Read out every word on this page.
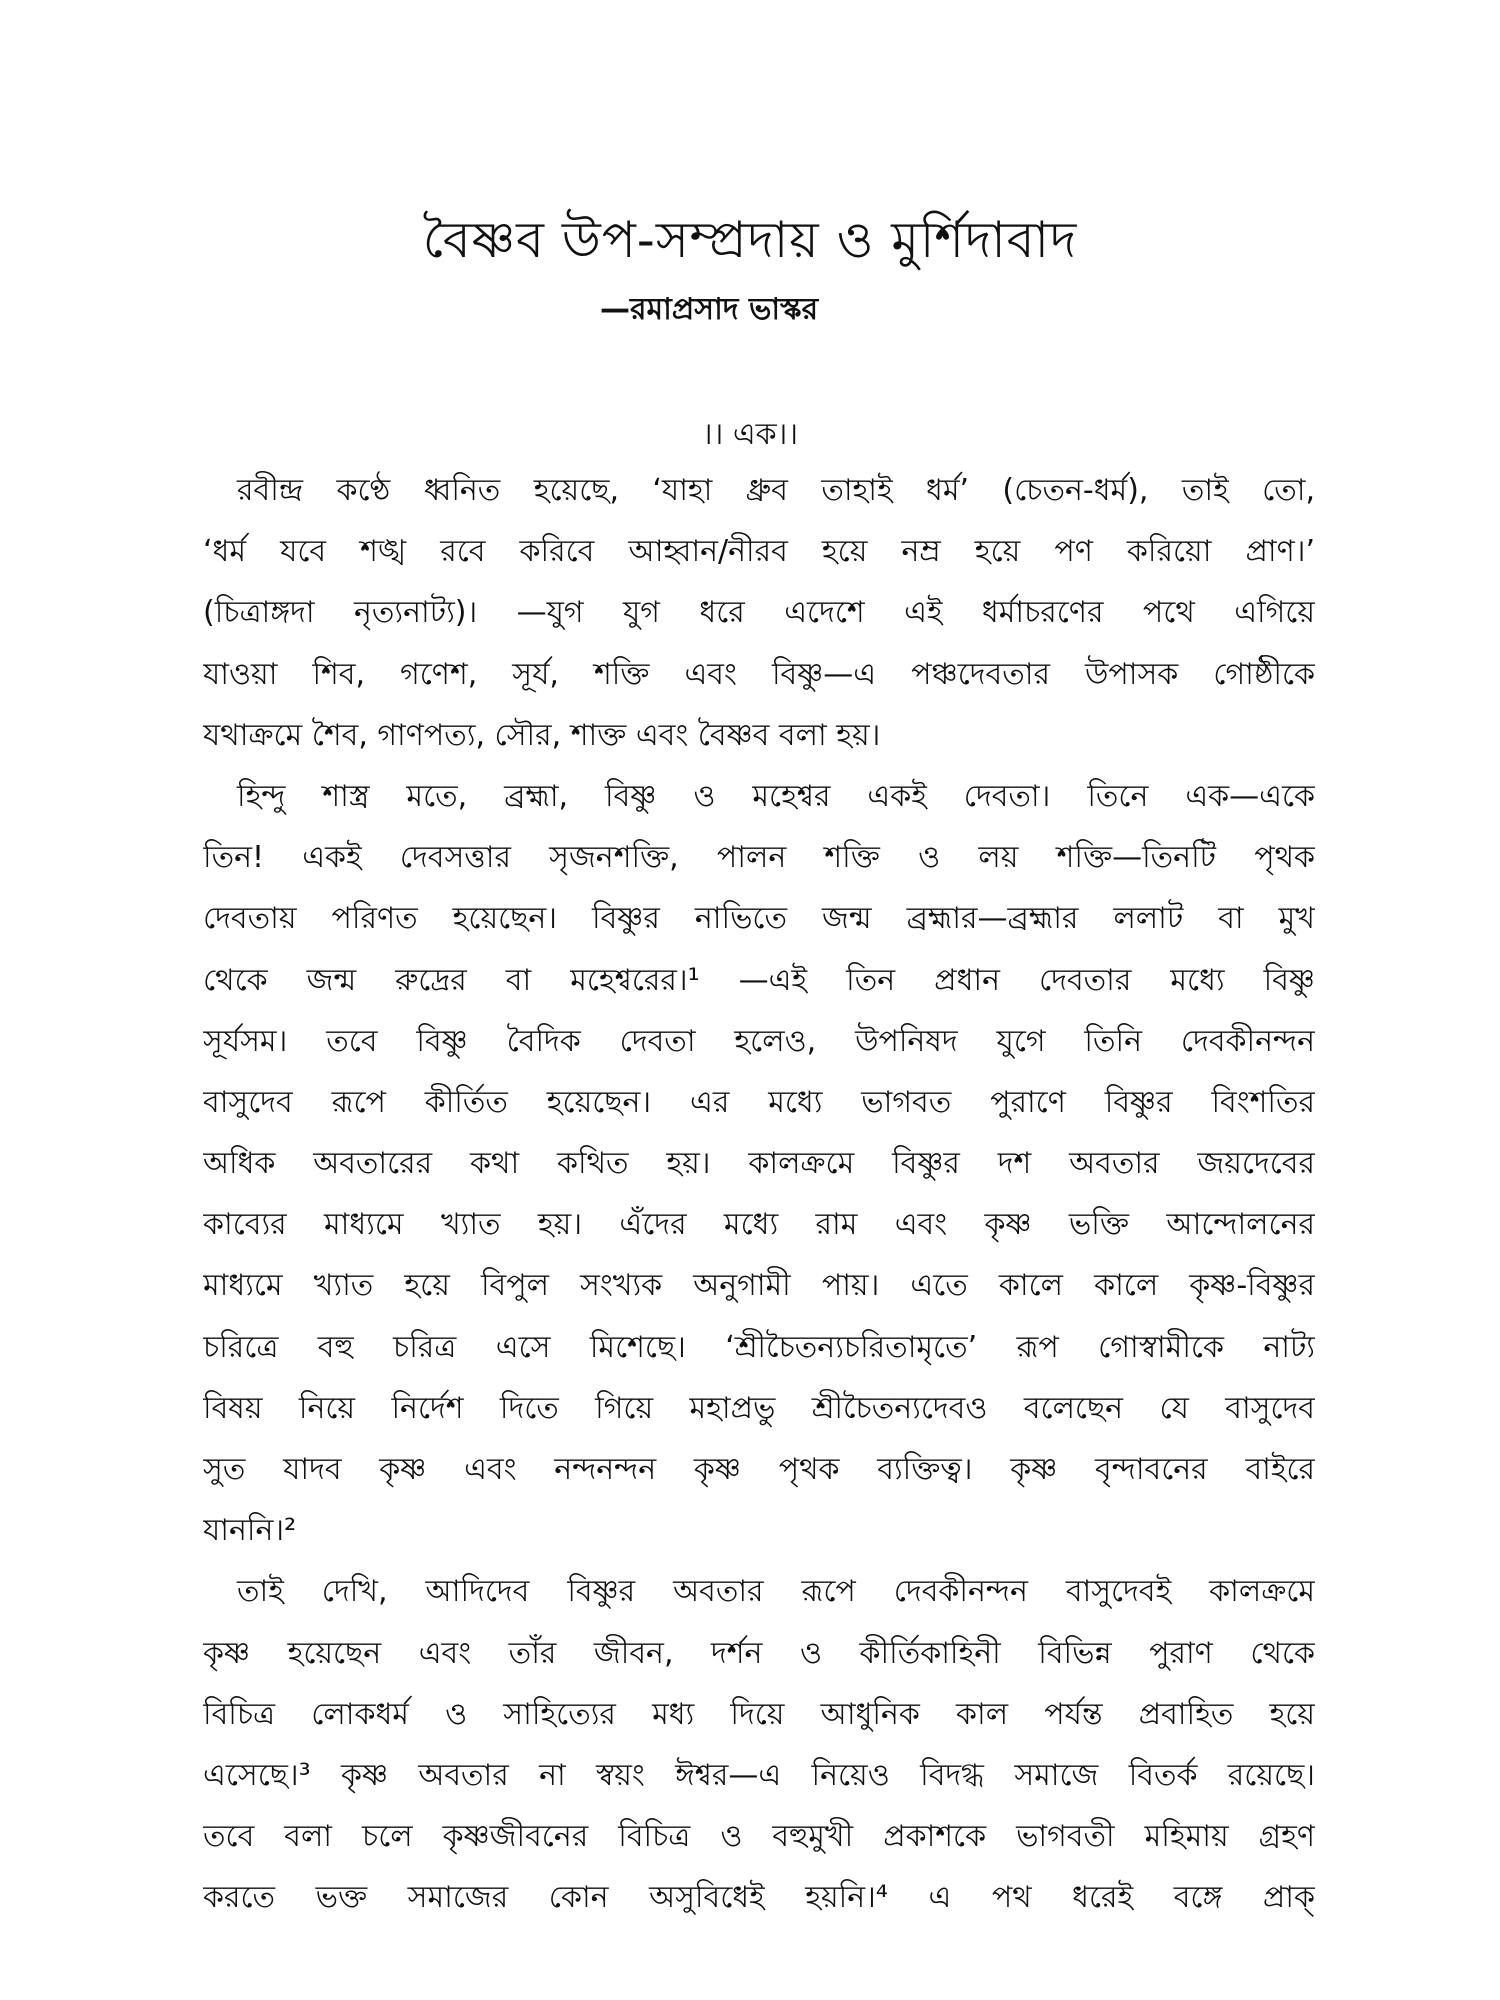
বৈষ্ণব উপ-সম্প্রদায় ও মুর্শিদাবাদ
—রমাপ্রসাদ ভাস্কর
।। এক।।
রবীন্দ্র কণ্ঠে ধ্বনিত হয়েছে, ‘যাহা ধ্রুব তাহাই ধর্ম’ (চেতন-ধর্ম), তাই তো,
‘ধর্ম যবে শঙ্খ রবে করিবে আহ্বান/নীরব হয়ে নম্র হয়ে পণ করিয়ো প্রাণ।’
(চিত্রাঙ্গদা নৃত্যনাট্য)। —যুগ যুগ ধরে এদেশে এই ধর্মাচরণের পথে এগিয়ে
যাওয়া শিব, গণেশ, সূর্য, শক্তি এবং বিষ্ণু—এ পঞ্চদেবতার উপাসক গোষ্ঠীকে
যথাক্রমে শৈব, গাণপত্য, সৌর, শাক্ত এবং বৈষ্ণব বলা হয়।
হিন্দু শাস্ত্র মতে, ব্রহ্মা, বিষ্ণু ও মহেশ্বর একই দেবতা। তিনে এক—একে
তিন! একই দেবসত্তার সৃজনশক্তি, পালন শক্তি ও লয় শক্তি—তিনটি পৃথক
দেবতায় পরিণত হয়েছেন। বিষ্ণুর নাভিতে জন্ম ব্রহ্মার—ব্রহ্মার ললাট বা মুখ
থেকে জন্ম রুদ্রের বা মহেশ্বরের।¹ —এই তিন প্রধান দেবতার মধ্যে বিষ্ণু
সূর্যসম। তবে বিষ্ণু বৈদিক দেবতা হলেও, উপনিষদ যুগে তিনি দেবকীনন্দন
বাসুদেব রূপে কীর্তিত হয়েছেন। এর মধ্যে ভাগবত পুরাণে বিষ্ণুর বিংশতির
অধিক অবতারের কথা কথিত হয়। কালক্রমে বিষ্ণুর দশ অবতার জয়দেবের
কাব্যের মাধ্যমে খ্যাত হয়। এঁদের মধ্যে রাম এবং কৃষ্ণ ভক্তি আন্দোলনের
মাধ্যমে খ্যাত হয়ে বিপুল সংখ্যক অনুগামী পায়। এতে কালে কালে কৃষ্ণ-বিষ্ণুর
চরিত্রে বহু চরিত্র এসে মিশেছে। ‘শ্রীচৈতন্যচরিতামৃতে’ রূপ গোস্বামীকে নাট্য
বিষয় নিয়ে নির্দেশ দিতে গিয়ে মহাপ্রভু শ্রীচৈতন্যদেবও বলেছেন যে বাসুদেব
সুত যাদব কৃষ্ণ এবং নন্দনন্দন কৃষ্ণ পৃথক ব্যক্তিত্ব। কৃষ্ণ বৃন্দাবনের বাইরে
যাননি।²
তাই দেখি, আদিদেব বিষ্ণুর অবতার রূপে দেবকীনন্দন বাসুদেবই কালক্রমে
কৃষ্ণ হয়েছেন এবং তাঁর জীবন, দর্শন ও কীর্তিকাহিনী বিভিন্ন পুরাণ থেকে
বিচিত্র লোকধর্ম ও সাহিত্যের মধ্য দিয়ে আধুনিক কাল পর্যন্ত প্রবাহিত হয়ে
এসেছে।³ কৃষ্ণ অবতার না স্বয়ং ঈশ্বর—এ নিয়েও বিদগ্ধ সমাজে বিতর্ক রয়েছে।
তবে বলা চলে কৃষ্ণজীবনের বিচিত্র ও বহুমুখী প্রকাশকে ভাগবতী মহিমায় গ্রহণ
করতে ভক্ত সমাজের কোন অসুবিধেই হয়নি।⁴ এ পথ ধরেই বঙ্গে প্রাক্
